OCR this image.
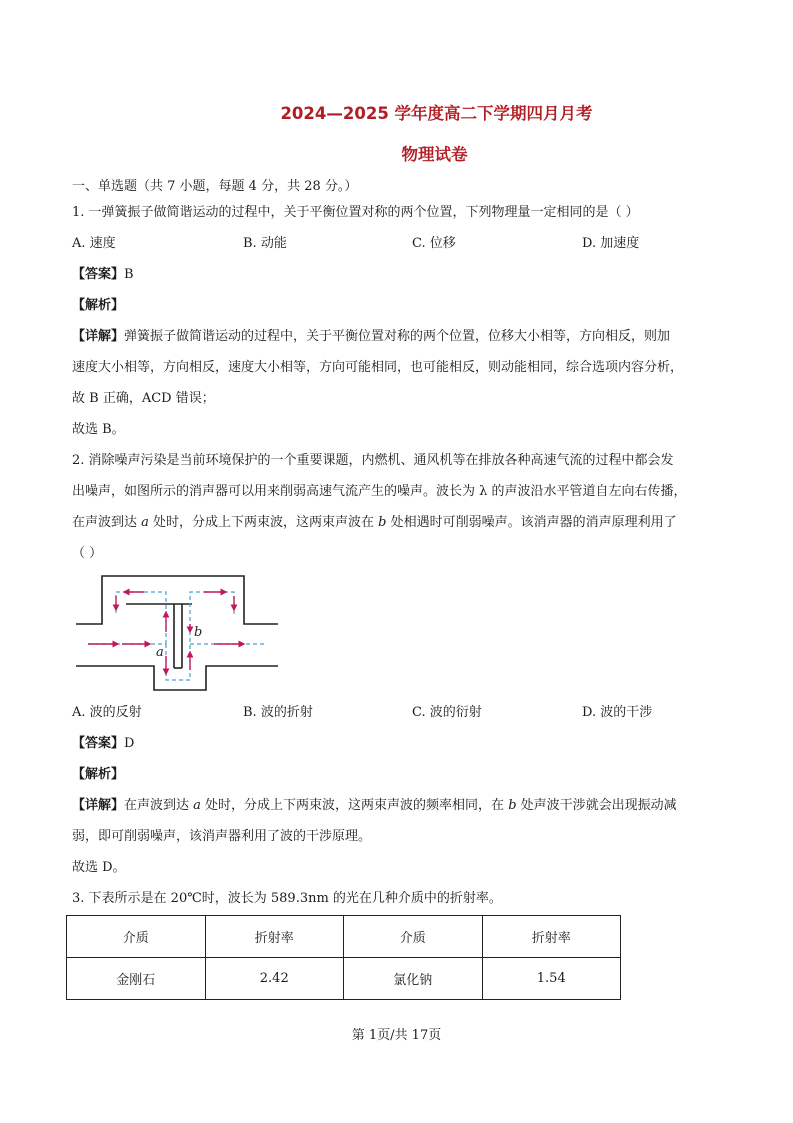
2024—2025 学年度高二下学期四月月考
物理试卷
一、单选题（共 7 小题，每题 4 分，共 28 分。）
1. 一弹簧振子做简谐运动的过程中，关于平衡位置对称的两个位置，下列物理量一定相同的是（ ）
A. 速度	B. 动能	C. 位移	D. 加速度
【答案】B
【解析】
【详解】弹簧振子做简谐运动的过程中，关于平衡位置对称的两个位置，位移大小相等，方向相反，则加
速度大小相等，方向相反，速度大小相等，方向可能相同，也可能相反，则动能相同，综合选项内容分析，
故 B 正确，ACD 错误；
故选 B。
2. 消除噪声污染是当前环境保护的一个重要课题，内燃机、通风机等在排放各种高速气流的过程中都会发
出噪声，如图所示的消声器可以用来削弱高速气流产生的噪声。波长为 λ 的声波沿水平管道自左向右传播，
在声波到达 a 处时，分成上下两束波，这两束声波在 b 处相遇时可削弱噪声。该消声器的消声原理利用了
（ ）
a
b
A. 波的反射	B. 波的折射	C. 波的衍射	D. 波的干涉
【答案】D
【解析】
【详解】在声波到达 a 处时，分成上下两束波，这两束声波的频率相同，在 b 处声波干涉就会出现振动减
弱，即可削弱噪声，该消声器利用了波的干涉原理。
故选 D。
3. 下表所示是在 20℃时，波长为 589.3nm 的光在几种介质中的折射率。
介质	折射率	介质	折射率
金刚石	2.42	氯化钠	1.54
第 1页/共 17页
